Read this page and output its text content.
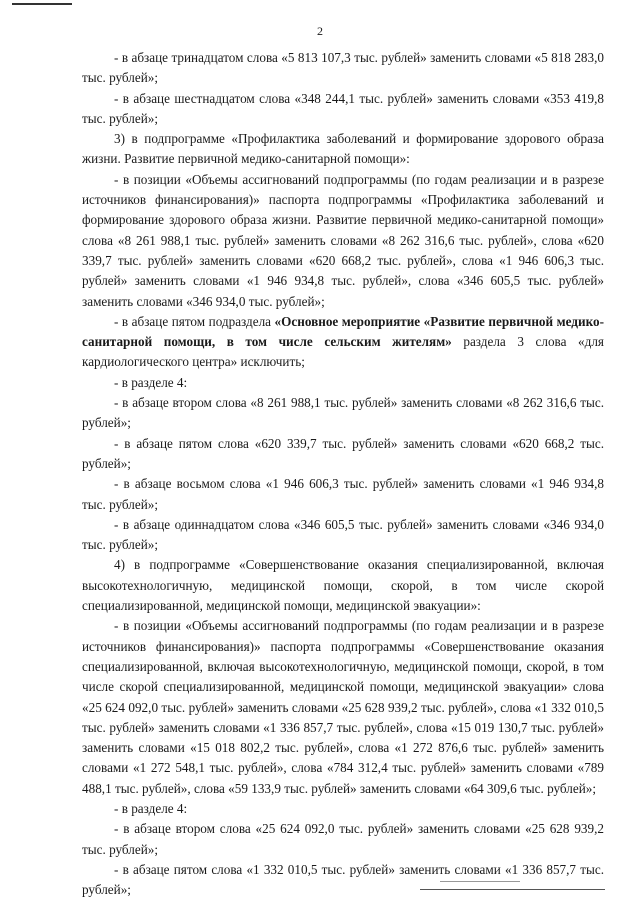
2

- в абзаце тринадцатом слова «5 813 107,3 тыс. рублей» заменить словами «5 818 283,0 тыс. рублей»;

- в абзаце шестнадцатом слова «348 244,1 тыс. рублей» заменить словами «353 419,8 тыс. рублей»;

3) в подпрограмме «Профилактика заболеваний и формирование здорового образа жизни. Развитие первичной медико-санитарной помощи»:

- в позиции «Объемы ассигнований подпрограммы (по годам реализации и в разрезе источников финансирования)» паспорта подпрограммы «Профилактика заболеваний и формирование здорового образа жизни. Развитие первичной медико-санитарной помощи» слова «8 261 988,1 тыс. рублей» заменить словами «8 262 316,6 тыс. рублей», слова «620 339,7 тыс. рублей» заменить словами «620 668,2 тыс. рублей», слова «1 946 606,3 тыс. рублей» заменить словами «1 946 934,8 тыс. рублей», слова «346 605,5 тыс. рублей» заменить словами «346 934,0 тыс. рублей»;

- в абзаце пятом подраздела «Основное мероприятие «Развитие первичной медико-санитарной помощи, в том числе сельским жителям» раздела 3 слова «для кардиологического центра» исключить;

- в разделе 4:

- в абзаце втором слова «8 261 988,1 тыс. рублей» заменить словами «8 262 316,6 тыс. рублей»;

- в абзаце пятом слова «620 339,7 тыс. рублей» заменить словами «620 668,2 тыс. рублей»;

- в абзаце восьмом слова «1 946 606,3 тыс. рублей» заменить словами «1 946 934,8 тыс. рублей»;

- в абзаце одиннадцатом слова «346 605,5 тыс. рублей» заменить словами «346 934,0 тыс. рублей»;

4) в подпрограмме «Совершенствование оказания специализированной, включая высокотехнологичную, медицинской помощи, скорой, в том числе скорой специализированной, медицинской помощи, медицинской эвакуации»:

- в позиции «Объемы ассигнований подпрограммы (по годам реализации и в разрезе источников финансирования)» паспорта подпрограммы «Совершенствование оказания специализированной, включая высокотехнологичную, медицинской помощи, скорой, в том числе скорой специализированной, медицинской помощи, медицинской эвакуации» слова «25 624 092,0 тыс. рублей» заменить словами «25 628 939,2 тыс. рублей», слова «1 332 010,5 тыс. рублей» заменить словами «1 336 857,7 тыс. рублей», слова «15 019 130,7 тыс. рублей» заменить словами «15 018 802,2 тыс. рублей», слова «1 272 876,6 тыс. рублей» заменить словами «1 272 548,1 тыс. рублей», слова «784 312,4 тыс. рублей» заменить словами «789 488,1 тыс. рублей», слова «59 133,9 тыс. рублей» заменить словами «64 309,6 тыс. рублей»;

- в разделе 4:

- в абзаце втором слова «25 624 092,0 тыс. рублей» заменить словами «25 628 939,2 тыс. рублей»;

- в абзаце пятом слова «1 332 010,5 тыс. рублей» заменить словами «1 336 857,7 тыс. рублей»;
